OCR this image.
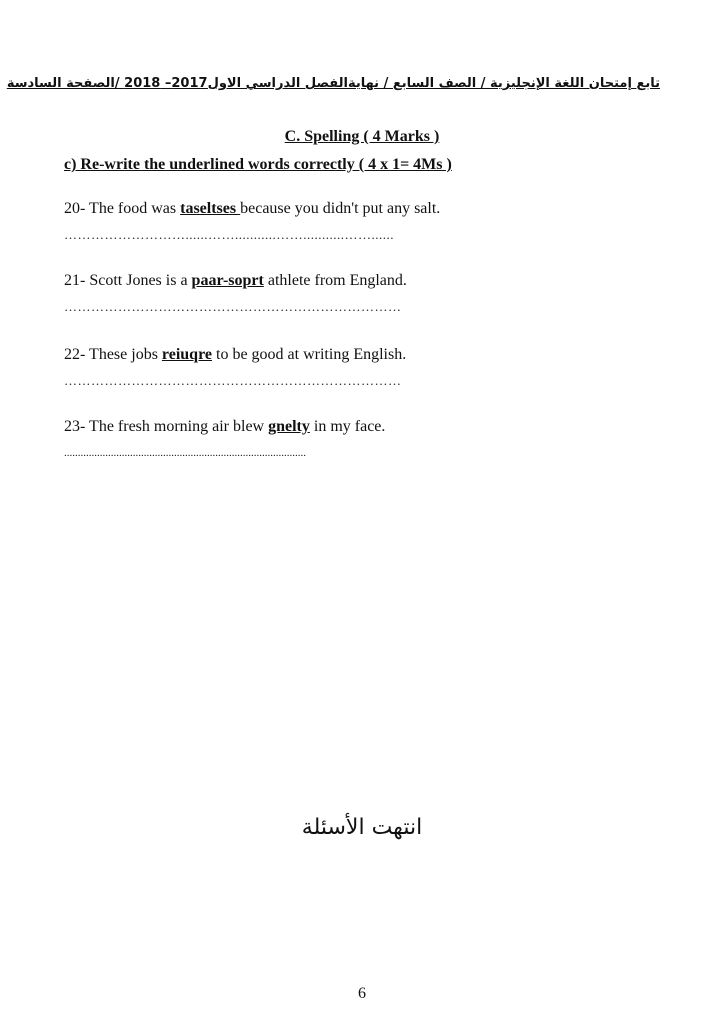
تابع إمتحان اللغة الإنجليزية / الصف السابع / نهايةالفصل الدراسي الاول2017– 2018 /الصفحة السادسة
C. Spelling ( 4 Marks )
c) Re-write the underlined words correctly ( 4 x 1= 4Ms )
20- The food was taseltses because you didn't put any salt.
………………………......……...........……...........……......
21- Scott Jones is a paar-soprt athlete from England.
…………………………………………………………………
22- These jobs reiuqre to be good at writing English.
…………………………………………………………………
23- The fresh morning air blew gnelty in my face.
........................................................................................
انتهت الأسئلة
6
